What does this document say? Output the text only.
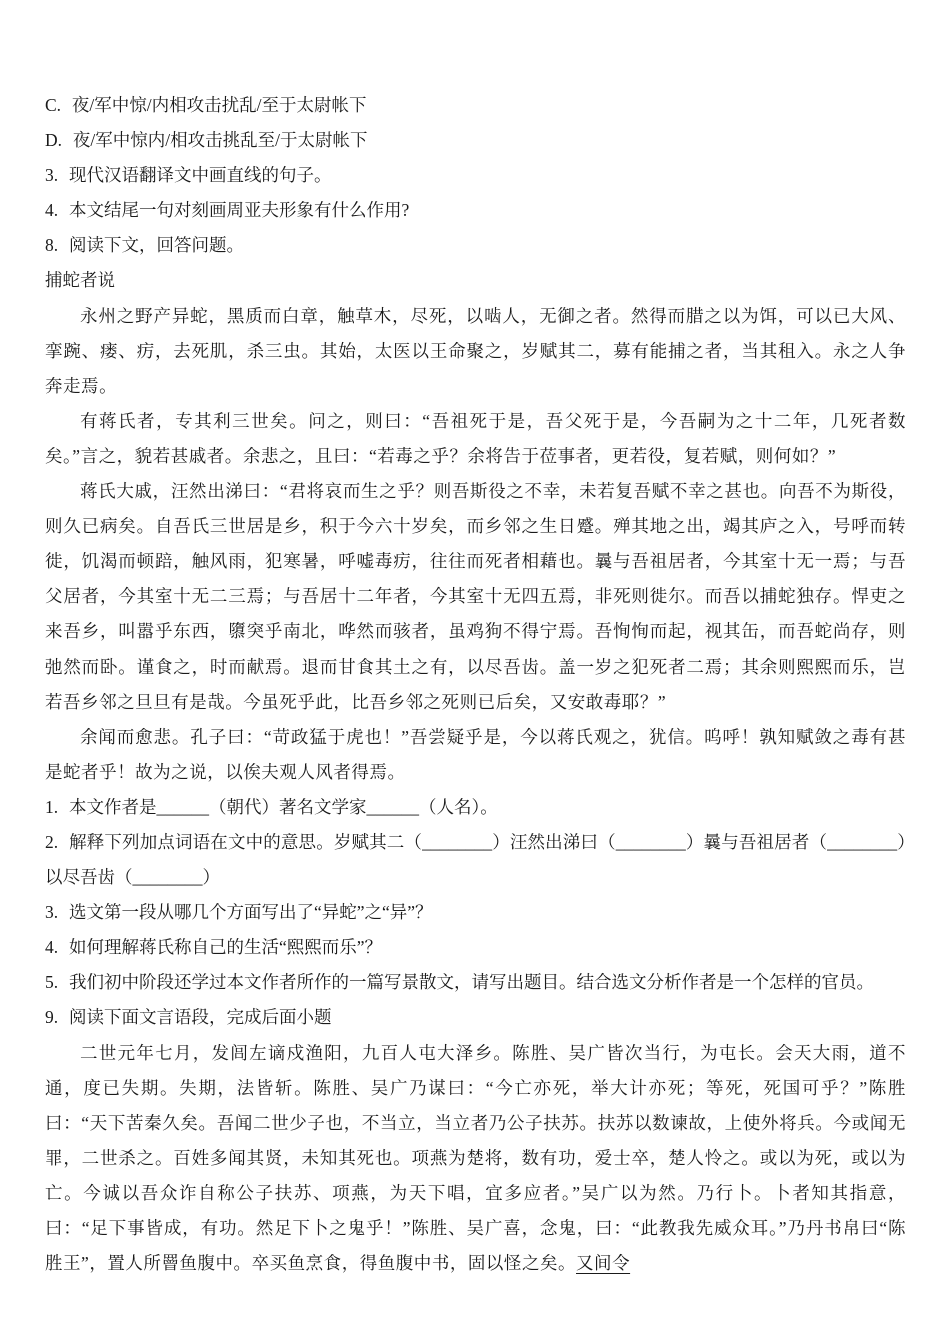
C. 夜/军中惊/内相攻击扰乱/至于太尉帐下
D. 夜/军中惊内/相攻击挑乱至/于太尉帐下
3. 现代汉语翻译文中画直线的句子。
4. 本文结尾一句对刻画周亚夫形象有什么作用?
8. 阅读下文，回答问题。
捕蛇者说

永州之野产异蛇，黑质而白章，触草木，尽死，以啮人，无御之者。然得而腊之以为饵，可以已大风、挛踠、瘘、疠，去死肌，杀三虫。其始，太医以王命聚之，岁赋其二，募有能捕之者，当其租入。永之人争奔走焉。

有蒋氏者，专其利三世矣。问之，则曰：“吾祖死于是，吾父死于是，今吾嗣为之十二年，几死者数矣。”言之，貌若甚戚者。余悲之，且曰：“若毒之乎？余将告于莅事者，更若役，复若赋，则何如？”

蒋氏大戚，汪然出涕曰：“君将哀而生之乎？则吾斯役之不幸，未若复吾赋不幸之甚也。向吾不为斯役，则久已病矣。自吾氏三世居是乡，积于今六十岁矣，而乡邻之生日蹙。殚其地之出，竭其庐之入，号呼而转徙，饥渴而顿踣，触风雨，犯寒暑，呼嘘毒疠，往往而死者相藉也。曩与吾祖居者，今其室十无一焉；与吾父居者，今其室十无二三焉；与吾居十二年者，今其室十无四五焉，非死则徙尔。而吾以捕蛇独存。悍吏之来吾乡，叫嚣乎东西，隳突乎南北，哗然而骇者，虽鸡狗不得宁焉。吾恂恂而起，视其缶，而吾蛇尚存，则弛然而卧。谨食之，时而献焉。退而甘食其土之有，以尽吾齿。盖一岁之犯死者二焉；其余则熙熙而乐，岂若吾乡邻之旦旦有是哉。今虽死乎此，比吾乡邻之死则已后矣，又安敢毒耶？”

余闻而愈悲。孔子曰：“苛政猛于虎也！”吾尝疑乎是，今以蒋氏观之，犹信。呜呼！孰知赋敛之毒有甚是蛇者乎！故为之说，以俟夫观人风者得焉。

1. 本文作者是______（朝代）著名文学家______（人名）。
2. 解释下列加点词语在文中的意思。岁赋其二（________）汪然出涕曰（________）曩与吾祖居者（________）以尽吾齿（________）
3. 选文第一段从哪几个方面写出了“异蛇”之“异”？
4. 如何理解蒋氏称自己的生活“熙熙而乐”？
5. 我们初中阶段还学过本文作者所作的一篇写景散文，请写出题目。结合选文分析作者是一个怎样的官员。
9. 阅读下面文言语段，完成后面小题

二世元年七月，发闾左谪戍渔阳，九百人屯大泽乡。陈胜、吴广皆次当行，为屯长。会天大雨，道不通，度已失期。失期，法皆斩。陈胜、吴广乃谋曰：“今亡亦死，举大计亦死；等死，死国可乎？”陈胜曰：“天下苦秦久矣。吾闻二世少子也，不当立，当立者乃公子扶苏。扶苏以数谏故，上使外将兵。今或闻无罪，二世杀之。百姓多闻其贤，未知其死也。项燕为楚将，数有功，爱士卒，楚人怜之。或以为死，或以为亡。今诚以吾众诈自称公子扶苏、项燕，为天下唱，宜多应者。”吴广以为然。乃行卜。卜者知其指意，曰：“足下事皆成，有功。然足下卜之鬼乎！”陈胜、吴广喜，念鬼，曰：“此教我先威众耳。”乃丹书帛曰“陈胜王”，置人所罾鱼腹中。卒买鱼烹食，得鱼腹中书，固以怪之矣。又间令
